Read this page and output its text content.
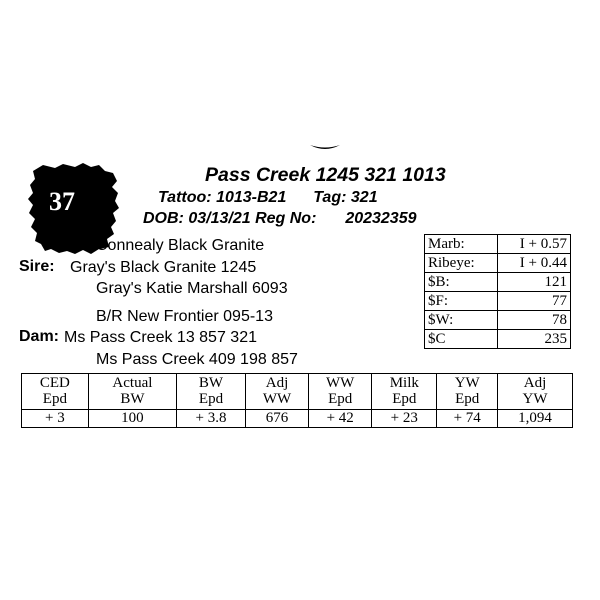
37
Pass Creek 1245 321 1013
Tattoo: 1013-B21 Tag: 321
DOB: 03/13/21 Reg No: 20232359
Connealy Black Granite
Sire: Gray's Black Granite 1245
Gray's Katie Marshall 6093
B/R New Frontier 095-13
Dam: Ms Pass Creek 13 857 321
Ms Pass Creek 409 198 857
Marb:	I + 0.57
Ribeye:	I + 0.44
$B:	121
$F:	77
$W:	78
$C	235
CED	Actual	BW	Adj	WW	Milk	YW	Adj
Epd	BW	Epd	WW	Epd	Epd	Epd	YW
+ 3	100	+ 3.8	676	+ 42	+ 23	+ 74	1,094
